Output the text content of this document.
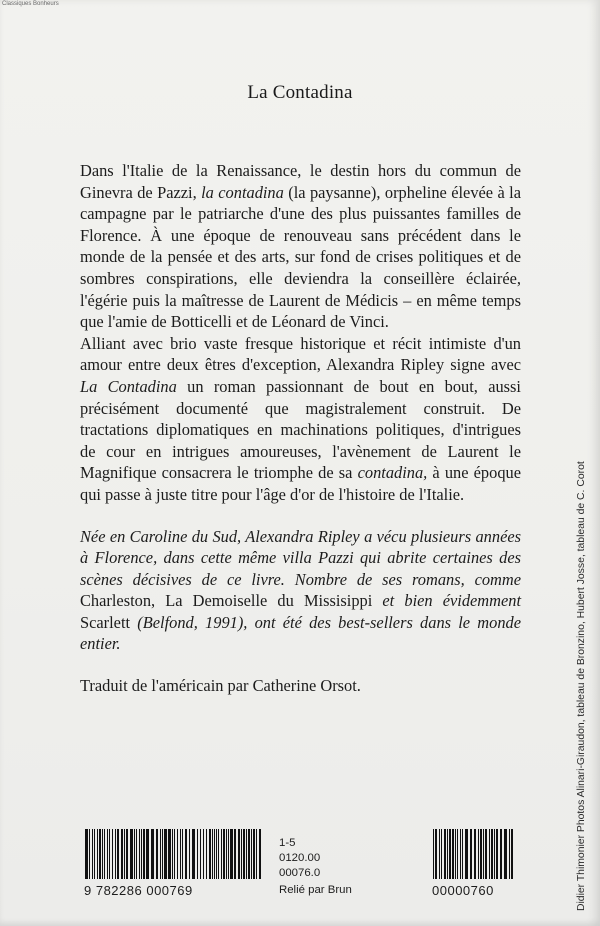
Classiques Bonheurs
La Contadina

Dans l'Italie de la Renaissance, le destin hors du commun de Ginevra de Pazzi, la contadina (la paysanne), orpheline élevée à la campagne par le patriarche d'une des plus puissantes familles de Florence. À une époque de renouveau sans précédent dans le monde de la pensée et des arts, sur fond de crises politiques et de sombres conspirations, elle deviendra la conseillère éclairée, l'égérie puis la maîtresse de Laurent de Médicis – en même temps que l'amie de Botticelli et de Léonard de Vinci.

Alliant avec brio vaste fresque historique et récit intimiste d'un amour entre deux êtres d'exception, Alexandra Ripley signe avec La Contadina un roman passionnant de bout en bout, aussi précisément documenté que magistralement construit. De tractations diplomatiques en machinations politiques, d'intrigues de cour en intrigues amoureuses, l'avènement de Laurent le Magnifique consacrera le triomphe de sa contadina, à une époque qui passe à juste titre pour l'âge d'or de l'histoire de l'Italie.

Née en Caroline du Sud, Alexandra Ripley a vécu plusieurs années à Florence, dans cette même villa Pazzi qui abrite certaines des scènes décisives de ce livre. Nombre de ses romans, comme Charleston, La Demoiselle du Missisippi et bien évidemment Scarlett (Belfond, 1991), ont été des best-sellers dans le monde entier.

Traduit de l'américain par Catherine Orsot.	Didier Thimonier Photos Alinari-Giraudon, tableau de Bronzino, Hubert Josse, tableau de C. Corot
9 782286 000769
1-5
0120.00
00076.0
Relié par Brun	00000760
